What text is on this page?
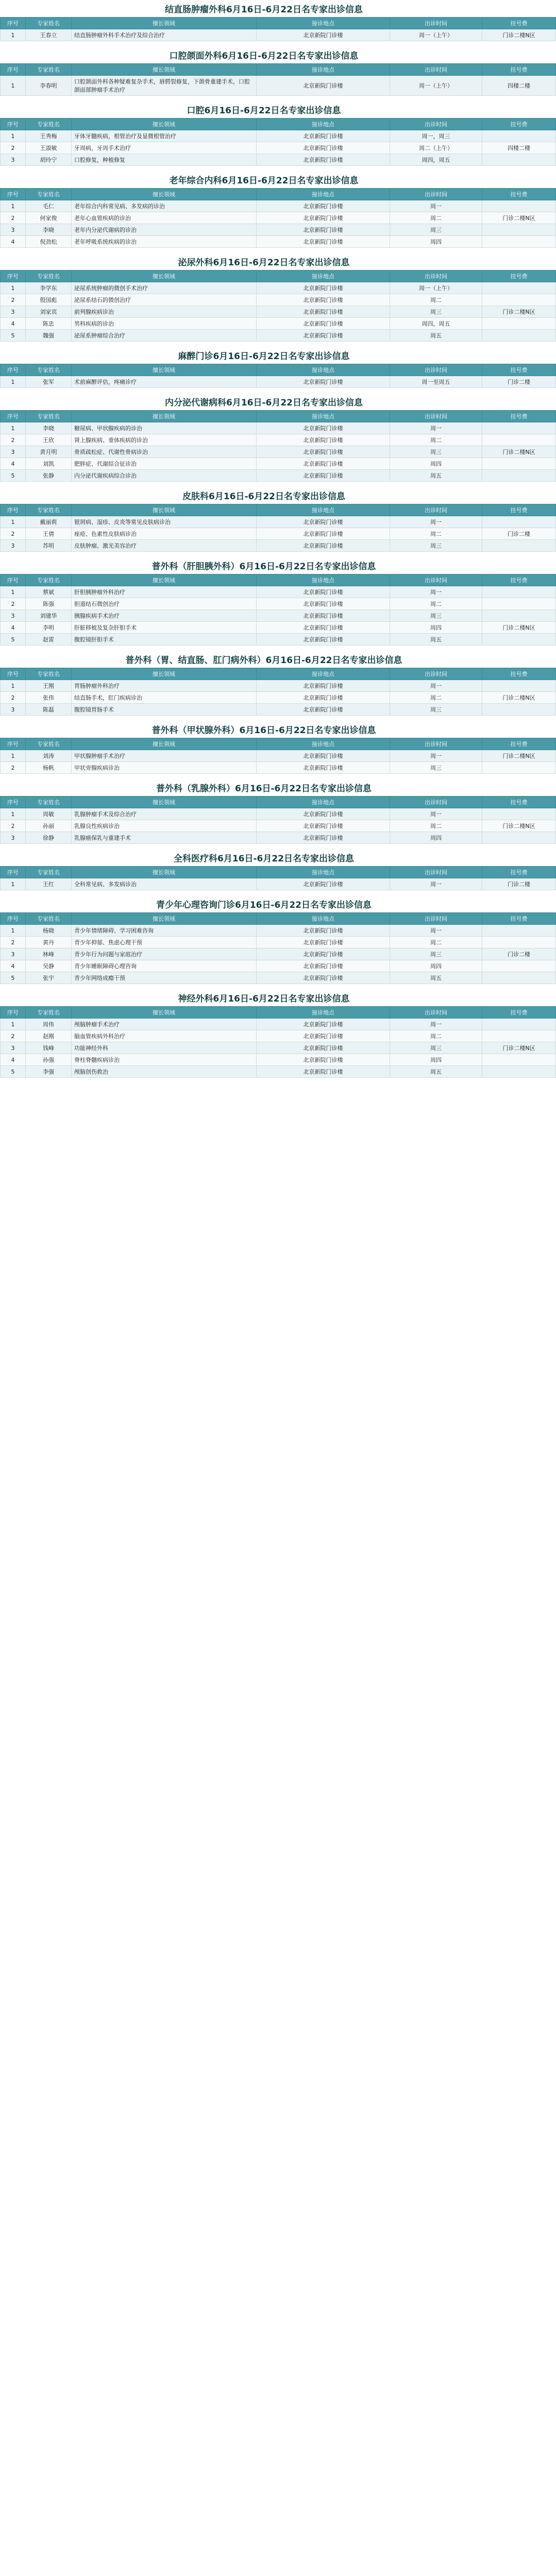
结直肠肿瘤外科6月16日-6月22日名专家出诊信息
序号	专家姓名	擅长领域	接诊地点	出诊时间	挂号费
1	王春立	结直肠肿瘤外科手术治疗及综合治疗	北京新院门诊楼	周一（上午）	门诊二楼N区
口腔颌面外科6月16日-6月22日名专家出诊信息
序号	专家姓名	擅长领域	接诊地点	出诊时间	挂号费
1	李春明	口腔颌面外科各种疑难复杂手术，唇腭裂修复，下颌骨重建手术，口腔颌面部肿瘤手术治疗	北京新院门诊楼	周一（上午）	四楼二楼
口腔6月16日-6月22日名专家出诊信息
序号	专家姓名	擅长领域	接诊地点	出诊时间	挂号费
1	王秀梅	牙体牙髓疾病，根管治疗及显微根管治疗	北京新院门诊楼	周一，周三	
2	王淑敏	牙周病，牙周手术治疗	北京新院门诊楼	周二（上午）	四楼二楼
3	胡玲宁	口腔修复，种植修复	北京新院门诊楼	周四，周五	
老年综合内科6月16日-6月22日名专家出诊信息
序号	专家姓名	擅长领域	接诊地点	出诊时间	挂号费
1	毛仁	老年综合内科常见病、多发病的诊治	北京新院门诊楼	周一	
2	何家俊	老年心血管疾病的诊治	北京新院门诊楼	周二	门诊二楼N区
3	李晓	老年内分泌代谢病的诊治	北京新院门诊楼	周三	
4	倪劲松	老年呼吸系统疾病的诊治	北京新院门诊楼	周四	
泌尿外科6月16日-6月22日名专家出诊信息
序号	专家姓名	擅长领域	接诊地点	出诊时间	挂号费
1	李学东	泌尿系统肿瘤的微创手术治疗	北京新院门诊楼	周一（上午）	
2	殷国彪	泌尿系结石的微创治疗	北京新院门诊楼	周二	
3	刘家宾	前列腺疾病诊治	北京新院门诊楼	周三	门诊二楼N区
4	陈忠	男科疾病的诊治	北京新院门诊楼	周四，周五	
5	魏强	泌尿系肿瘤综合治疗	北京新院门诊楼	周五	
麻醉门诊6月16日-6月22日名专家出诊信息
序号	专家姓名	擅长领域	接诊地点	出诊时间	挂号费
1	张军	术前麻醉评估，疼痛诊疗	北京新院门诊楼	周一至周五	门诊二楼
内分泌代谢病科6月16日-6月22日名专家出诊信息
序号	专家姓名	擅长领域	接诊地点	出诊时间	挂号费
1	李晓	糖尿病、甲状腺疾病的诊治	北京新院门诊楼	周一	
2	王欣	肾上腺疾病、垂体疾病的诊治	北京新院门诊楼	周二	
3	黄月明	骨质疏松症、代谢性骨病诊治	北京新院门诊楼	周三	门诊二楼N区
4	刘凯	肥胖症、代谢综合征诊治	北京新院门诊楼	周四	
5	张静	内分泌代谢疾病综合诊治	北京新院门诊楼	周五	
皮肤科6月16日-6月22日名专家出诊信息
序号	专家姓名	擅长领域	接诊地点	出诊时间	挂号费
1	戴丽莉	银屑病、湿疹、皮炎等常见皮肤病诊治	北京新院门诊楼	周一	
2	王倩	痤疮、色素性皮肤病诊治	北京新院门诊楼	周二	门诊二楼
3	苏明	皮肤肿瘤、激光美容治疗	北京新院门诊楼	周三	
普外科（肝胆胰外科）6月16日-6月22日名专家出诊信息
序号	专家姓名	擅长领域	接诊地点	出诊时间	挂号费
1	蔡斌	肝胆胰肿瘤外科治疗	北京新院门诊楼	周一	
2	陈强	胆道结石微创治疗	北京新院门诊楼	周二	
3	刘建华	胰腺疾病手术治疗	北京新院门诊楼	周三	
4	李明	肝脏移植及复杂肝胆手术	北京新院门诊楼	周四	门诊二楼N区
5	赵雷	腹腔镜肝胆手术	北京新院门诊楼	周五	
普外科（胃、结直肠、肛门病外科）6月16日-6月22日名专家出诊信息
序号	专家姓名	擅长领域	接诊地点	出诊时间	挂号费
1	王刚	胃肠肿瘤外科治疗	北京新院门诊楼	周一	
2	张伟	结直肠手术，肛门疾病诊治	北京新院门诊楼	周二	门诊二楼N区
3	陈磊	腹腔镜胃肠手术	北京新院门诊楼	周三	
普外科（甲状腺外科）6月16日-6月22日名专家出诊信息
序号	专家姓名	擅长领域	接诊地点	出诊时间	挂号费
1	刘涛	甲状腺肿瘤手术治疗	北京新院门诊楼	周一	门诊二楼N区
2	杨帆	甲状旁腺疾病诊治	北京新院门诊楼	周三	
普外科（乳腺外科）6月16日-6月22日名专家出诊信息
序号	专家姓名	擅长领域	接诊地点	出诊时间	挂号费
1	周敏	乳腺肿瘤手术及综合治疗	北京新院门诊楼	周一	
2	孙丽	乳腺良性疾病诊治	北京新院门诊楼	周二	门诊二楼N区
3	徐静	乳腺癌保乳与重建手术	北京新院门诊楼	周四	
全科医疗科6月16日-6月22日名专家出诊信息
序号	专家姓名	擅长领域	接诊地点	出诊时间	挂号费
1	王红	全科常见病、多发病诊治	北京新院门诊楼	周一	门诊二楼
青少年心理咨询门诊6月16日-6月22日名专家出诊信息
序号	专家姓名	擅长领域	接诊地点	出诊时间	挂号费
1	杨晓	青少年情绪障碍、学习困难咨询	北京新院门诊楼	周一	
2	黄丹	青少年抑郁、焦虑心理干预	北京新院门诊楼	周二	
3	林峰	青少年行为问题与家庭治疗	北京新院门诊楼	周三	门诊二楼
4	吴静	青少年睡眠障碍心理咨询	北京新院门诊楼	周四	
5	张宇	青少年网络成瘾干预	北京新院门诊楼	周五	
神经外科6月16日-6月22日名专家出诊信息
序号	专家姓名	擅长领域	接诊地点	出诊时间	挂号费
1	周伟	颅脑肿瘤手术治疗	北京新院门诊楼	周一	
2	赵刚	脑血管疾病外科治疗	北京新院门诊楼	周二	
3	钱峰	功能神经外科	北京新院门诊楼	周三	门诊二楼N区
4	孙强	脊柱脊髓疾病诊治	北京新院门诊楼	周四	
5	李强	颅脑创伤救治	北京新院门诊楼	周五	
